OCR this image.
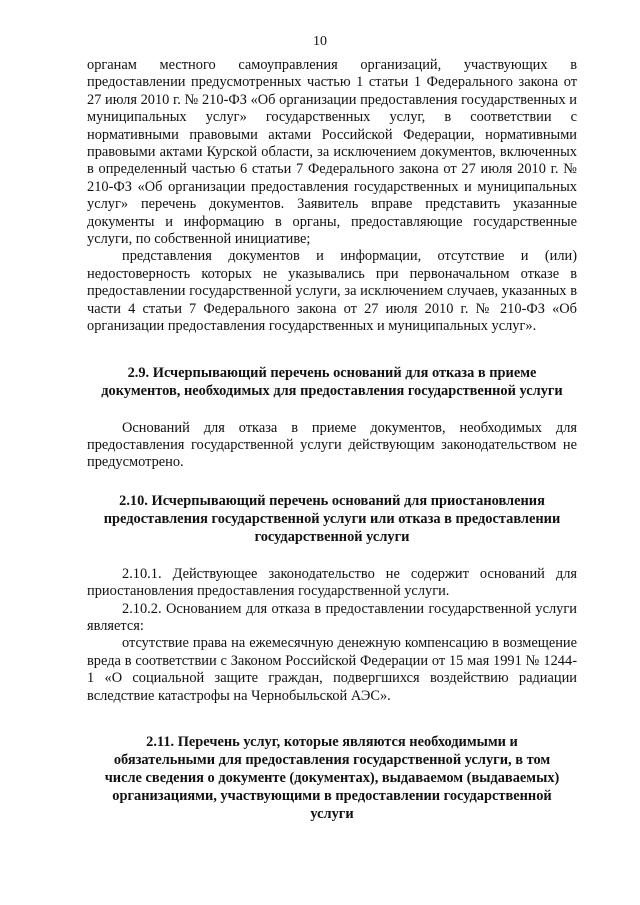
10

органам местного самоуправления организаций, участвующих в предоставлении предусмотренных частью 1 статьи 1 Федерального закона от 27 июля 2010 г. № 210-ФЗ «Об организации предоставления государственных и муниципальных услуг» государственных услуг, в соответствии с нормативными правовыми актами Российской Федерации, нормативными правовыми актами Курской области, за исключением документов, включенных в определенный частью 6 статьи 7 Федерального закона от 27 июля 2010 г. № 210-ФЗ «Об организации предоставления государственных и муниципальных услуг» перечень документов. Заявитель вправе представить указанные документы и информацию в органы, предоставляющие государственные услуги, по собственной инициативе;

представления документов и информации, отсутствие и (или) недостоверность которых не указывались при первоначальном отказе в предоставлении государственной услуги, за исключением случаев, указанных в части 4 статьи 7 Федерального закона от 27 июля 2010 г. № 210-ФЗ «Об организации предоставления государственных и муниципальных услуг».

2.9. Исчерпывающий перечень оснований для отказа в приеме
документов, необходимых для предоставления государственной услуги

Оснований для отказа в приеме документов, необходимых для предоставления государственной услуги действующим законодательством не предусмотрено.

2.10. Исчерпывающий перечень оснований для приостановления
предоставления государственной услуги или отказа в предоставлении
государственной услуги

2.10.1. Действующее законодательство не содержит оснований для приостановления предоставления государственной услуги.

2.10.2. Основанием для отказа в предоставлении государственной услуги является:

отсутствие права на ежемесячную денежную компенсацию в возмещение вреда в соответствии с Законом Российской Федерации от 15 мая 1991 № 1244-1 «О социальной защите граждан, подвергшихся воздействию радиации вследствие катастрофы на Чернобыльской АЭС».

2.11. Перечень услуг, которые являются необходимыми и
обязательными для предоставления государственной услуги, в том
числе сведения о документе (документах), выдаваемом (выдаваемых)
организациями, участвующими в предоставлении государственной
услуги
